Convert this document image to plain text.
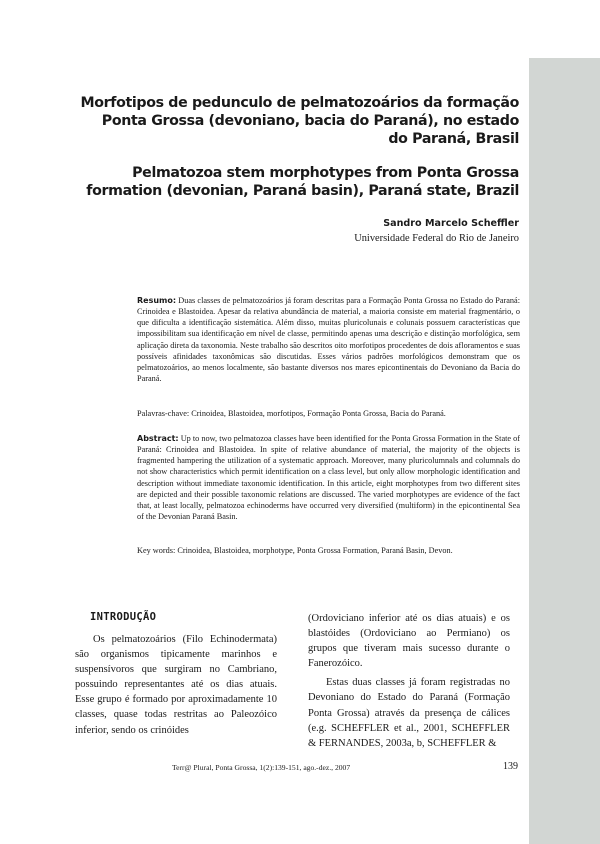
Morfotipos de pedunculo de pelmatozoários da formação Ponta Grossa (devoniano, bacia do Paraná), no estado do Paraná, Brasil
Pelmatozoa stem morphotypes from Ponta Grossa formation (devonian, Paraná basin), Paraná state, Brazil
Sandro Marcelo Scheffler
Universidade Federal do Rio de Janeiro

Resumo: Duas classes de pelmatozoários já foram descritas para a Formação Ponta Grossa no Estado do Paraná: Crinoidea e Blastoidea. Apesar da relativa abundância de material, a maioria consiste em material fragmentário, o que dificulta a identificação sistemática. Além disso, muitas pluricolunais e colunais possuem características que impossibilitam sua identificação em nível de classe, permitindo apenas uma descrição e distinção morfológica, sem aplicação direta da taxonomia. Neste trabalho são descritos oito morfotipos procedentes de dois afloramentos e suas possíveis afinidades taxonômicas são discutidas. Esses vários padrões morfológicos demonstram que os pelmatozoários, ao menos localmente, são bastante diversos nos mares epicontinentais do Devoniano da Bacia do Paraná.

Palavras-chave: Crinoidea, Blastoidea, morfotipos, Formação Ponta Grossa, Bacia do Paraná.

Abstract: Up to now, two pelmatozoa classes have been identified for the Ponta Grossa Formation in the State of Paraná: Crinoidea and Blastoidea. In spite of relative abundance of material, the majority of the objects is fragmented hampering the utilization of a systematic approach. Moreover, many pluricolumnals and columnals do not show characteristics which permit identification on a class level, but only allow morphologic identification and description without immediate taxonomic identification. In this article, eight morphotypes from two different sites are depicted and their possible taxonomic relations are discussed. The varied morphotypes are evidence of the fact that, at least locally, pelmatozoa echinoderms have occurred very diversified (multiform) in the epicontinental Sea of the Devonian Paraná Basin.

Key words: Crinoidea, Blastoidea, morphotype, Ponta Grossa Formation, Paraná Basin, Devon.

INTRODUÇÃO

Os pelmatozoários (Filo Echinodermata) são organismos tipicamente marinhos e suspensívoros que surgiram no Cambriano, possuindo representantes até os dias atuais. Esse grupo é formado por aproximadamente 10 classes, quase todas restritas ao Paleozóico inferior, sendo os crinóides

(Ordoviciano inferior até os dias atuais) e os blastóides (Ordoviciano ao Permiano) os grupos que tiveram mais sucesso durante o Fanerozóico.

Estas duas classes já foram registradas no Devoniano do Estado do Paraná (Formação Ponta Grossa) através da presença de cálices (e.g. SCHEFFLER et al., 2001, SCHEFFLER & FERNANDES, 2003a, b, SCHEFFLER &

Terr@ Plural, Ponta Grossa, 1(2):139-151, ago.-dez., 2007	139
